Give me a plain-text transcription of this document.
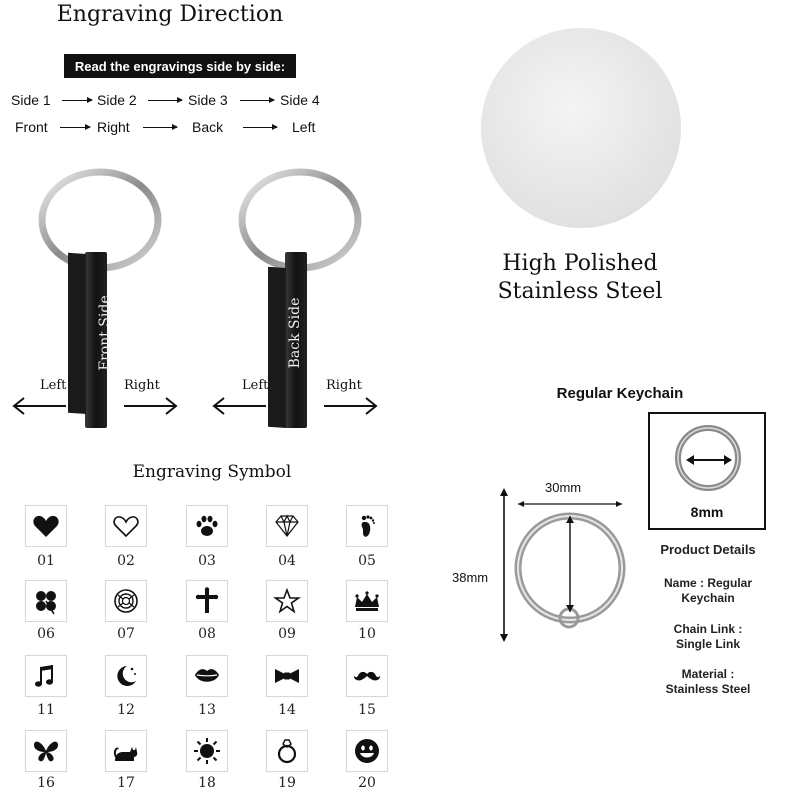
Engraving Direction
Read the engravings side by side:
Side 1	Side 2	Side 3	Side 4
Front	Right	Back	Left
Front Side	Back Side
Left	Right	Left	Right
High Polished
Stainless Steel
Engraving Symbol
01	02	03	04	05
06	07	08	09	10
11	12	13	14	15
16	17	18	19	20
Regular Keychain
30mm
38mm
8mm
Product Details
Name : Regular
Keychain
Chain Link :
Single Link
Material :
Stainless Steel
